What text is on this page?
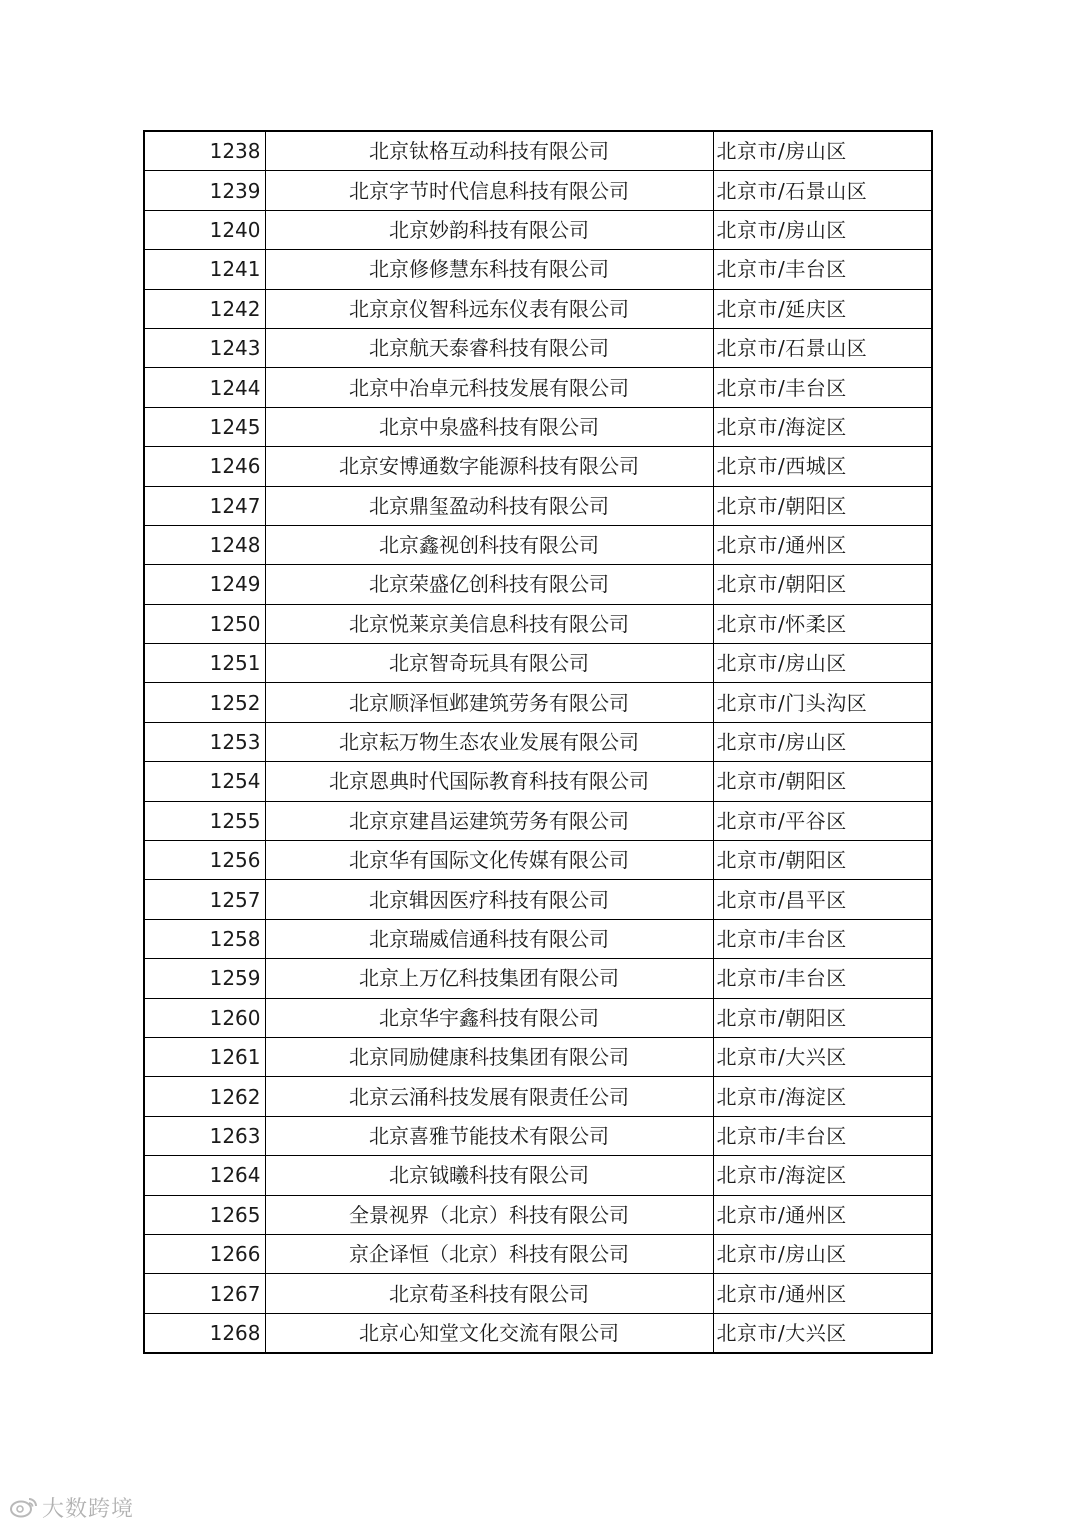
1238	北京钛格互动科技有限公司	北京市/房山区
1239	北京字节时代信息科技有限公司	北京市/石景山区
1240	北京妙韵科技有限公司	北京市/房山区
1241	北京修修慧东科技有限公司	北京市/丰台区
1242	北京京仪智科远东仪表有限公司	北京市/延庆区
1243	北京航天泰睿科技有限公司	北京市/石景山区
1244	北京中冶卓元科技发展有限公司	北京市/丰台区
1245	北京中泉盛科技有限公司	北京市/海淀区
1246	北京安博通数字能源科技有限公司	北京市/西城区
1247	北京鼎玺盈动科技有限公司	北京市/朝阳区
1248	北京鑫视创科技有限公司	北京市/通州区
1249	北京荣盛亿创科技有限公司	北京市/朝阳区
1250	北京悦莱京美信息科技有限公司	北京市/怀柔区
1251	北京智奇玩具有限公司	北京市/房山区
1252	北京顺泽恒邺建筑劳务有限公司	北京市/门头沟区
1253	北京耘万物生态农业发展有限公司	北京市/房山区
1254	北京恩典时代国际教育科技有限公司	北京市/朝阳区
1255	北京京建昌运建筑劳务有限公司	北京市/平谷区
1256	北京华有国际文化传媒有限公司	北京市/朝阳区
1257	北京辑因医疗科技有限公司	北京市/昌平区
1258	北京瑞威信通科技有限公司	北京市/丰台区
1259	北京上万亿科技集团有限公司	北京市/丰台区
1260	北京华宇鑫科技有限公司	北京市/朝阳区
1261	北京同励健康科技集团有限公司	北京市/大兴区
1262	北京云涌科技发展有限责任公司	北京市/海淀区
1263	北京喜雅节能技术有限公司	北京市/丰台区
1264	北京钺曦科技有限公司	北京市/海淀区
1265	全景视界（北京）科技有限公司	北京市/通州区
1266	京企译恒（北京）科技有限公司	北京市/房山区
1267	北京荀圣科技有限公司	北京市/通州区
1268	北京心知堂文化交流有限公司	北京市/大兴区
大数跨境
